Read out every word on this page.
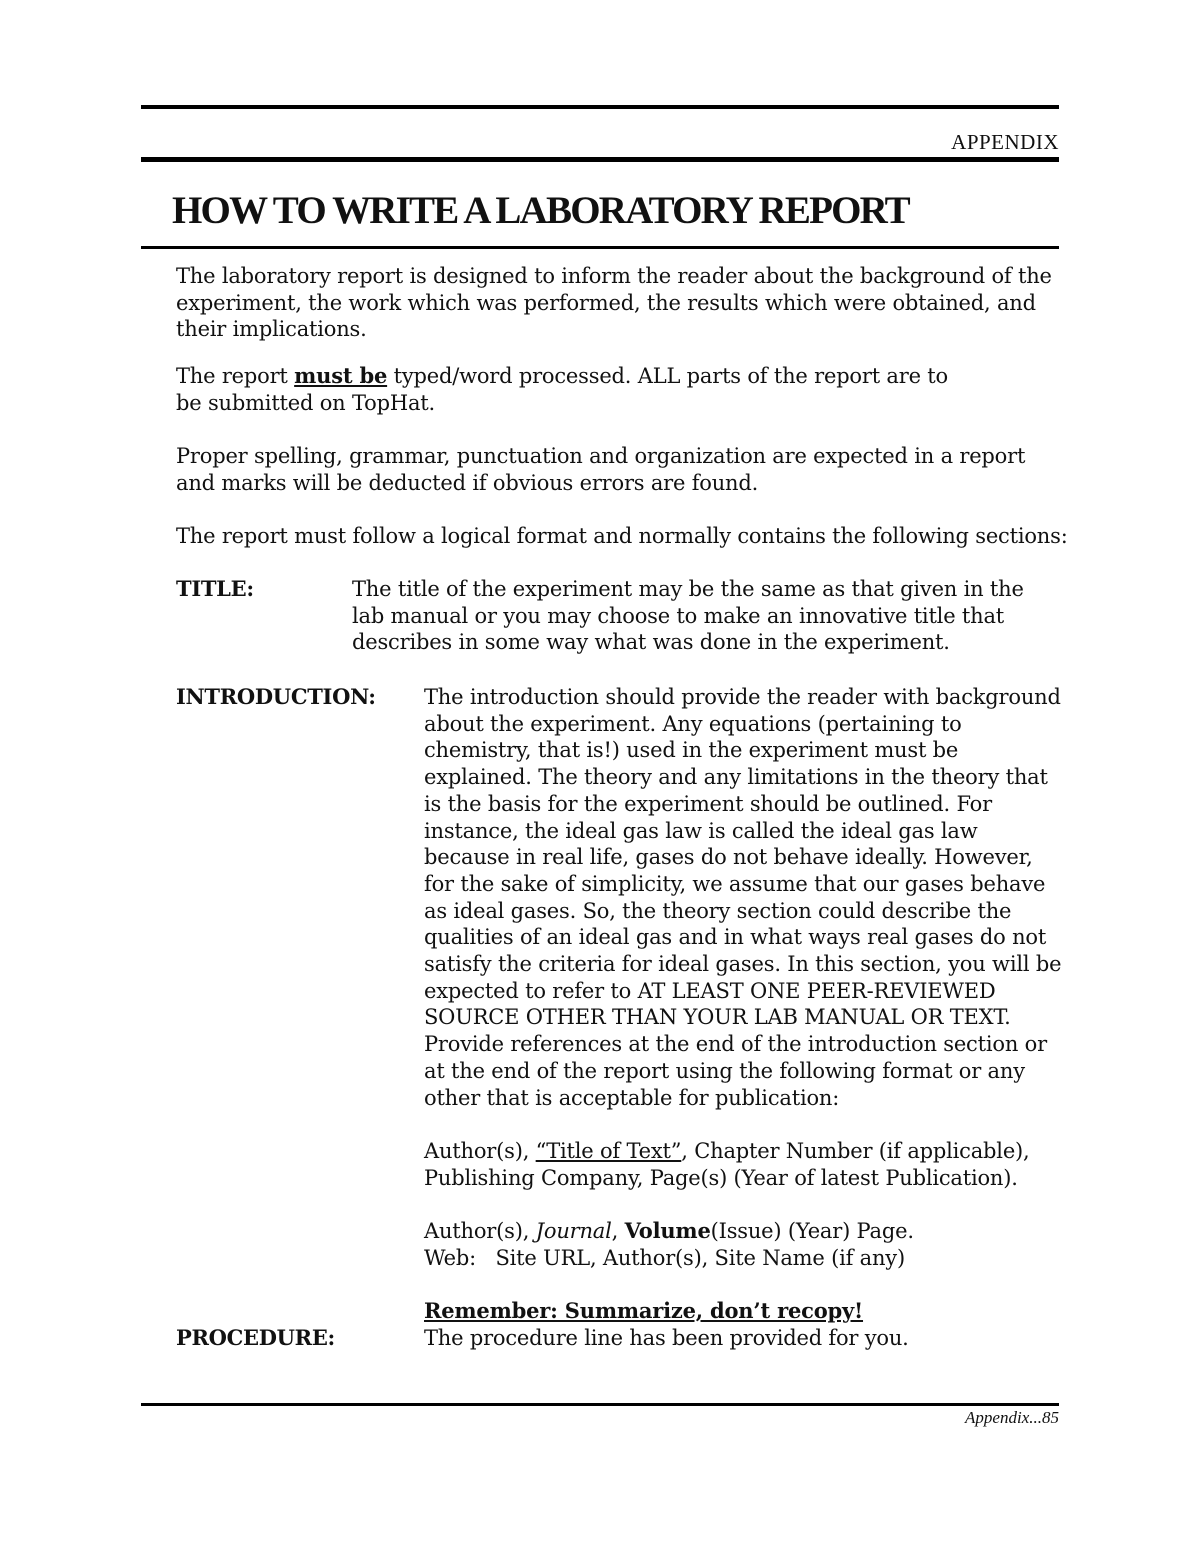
APPENDIX
HOW TO WRITE A LABORATORY REPORT

The laboratory report is designed to inform the reader about the background of the experiment, the work which was performed, the results which were obtained, and their implications.

The report must be typed/word processed. ALL parts of the report are to be submitted on TopHat.

Proper spelling, grammar, punctuation and organization are expected in a report and marks will be deducted if obvious errors are found.

The report must follow a logical format and normally contains the following sections:

TITLE:	The title of the experiment may be the same as that given in the lab manual or you may choose to make an innovative title that describes in some way what was done in the experiment.

INTRODUCTION: The introduction should provide the reader with background about the experiment. Any equations (pertaining to chemistry, that is!) used in the experiment must be explained. The theory and any limitations in the theory that is the basis for the experiment should be outlined. For instance, the ideal gas law is called the ideal gas law because in real life, gases do not behave ideally. However, for the sake of simplicity, we assume that our gases behave as ideal gases. So, the theory section could describe the qualities of an ideal gas and in what ways real gases do not satisfy the criteria for ideal gases. In this section, you will be expected to refer to AT LEAST ONE PEER-REVIEWED SOURCE OTHER THAN YOUR LAB MANUAL OR TEXT. Provide references at the end of the introduction section or at the end of the report using the following format or any other that is acceptable for publication:

Author(s), “Title of Text”, Chapter Number (if applicable), Publishing Company, Page(s) (Year of latest Publication).

Author(s), Journal, Volume(Issue) (Year) Page.

Web:   Site URL, Author(s), Site Name (if any)

Remember: Summarize, don’t recopy!

PROCEDURE:	The procedure line has been provided for you.

Appendix...85
